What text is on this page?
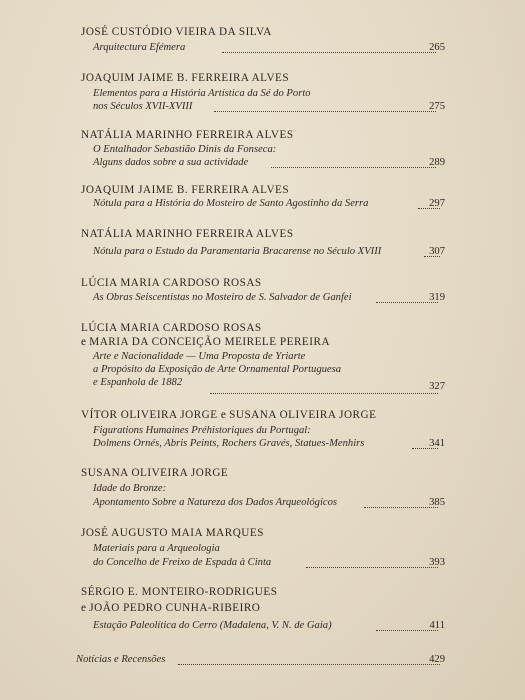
JOSÉ CUSTÓDIO VIEIRA DA SILVA
Arquitectura Efémera	265
JOAQUIM JAIME B. FERREIRA ALVES
Elementos para a História Artística da Sé do Porto
nos Séculos XVII-XVIII	275
NATÁLIA MARINHO FERREIRA ALVES
O Entalhador Sebastião Dinis da Fonseca:
Alguns dados sobre a sua actividade	289
JOAQUIM JAIME B. FERREIRA ALVES
Nótula para a História do Mosteiro de Santo Agostinho da Serra	297
NATÁLIA MARINHO FERREIRA ALVES
Nótula para o Estudo da Paramentaria Bracarense no Século XVIII	307
LÚCIA MARIA CARDOSO ROSAS
As Obras Seiscentistas no Mosteiro de S. Salvador de Ganfei	319
LÚCIA MARIA CARDOSO ROSAS
e MARIA DA CONCEIÇÃO MEIRELE PEREIRA
Arte e Nacionalidade — Uma Proposta de Yriarte
a Propósito da Exposição de Arte Ornamental Portuguesa
e Espanhola de 1882	327
VÍTOR OLIVEIRA JORGE e SUSANA OLIVEIRA JORGE
Figurations Humaines Préhistoriques du Portugal:
Dolmens Ornés, Abris Peints, Rochers Gravés, Statues-Menhirs	341
SUSANA OLIVEIRA JORGE
Idade do Bronze:
Apontamento Sobre a Natureza dos Dados Arqueológicos	385
JOSÉ AUGUSTO MAIA MARQUES
Materiais para a Arqueologia
do Concelho de Freixo de Espada à Cinta	393
SÉRGIO E. MONTEIRO-RODRIGUES
e JOÃO PEDRO CUNHA-RIBEIRO
Estação Paleolítica do Cerro (Madalena, V. N. de Gaia)	411
Notícias e Recensões	429
